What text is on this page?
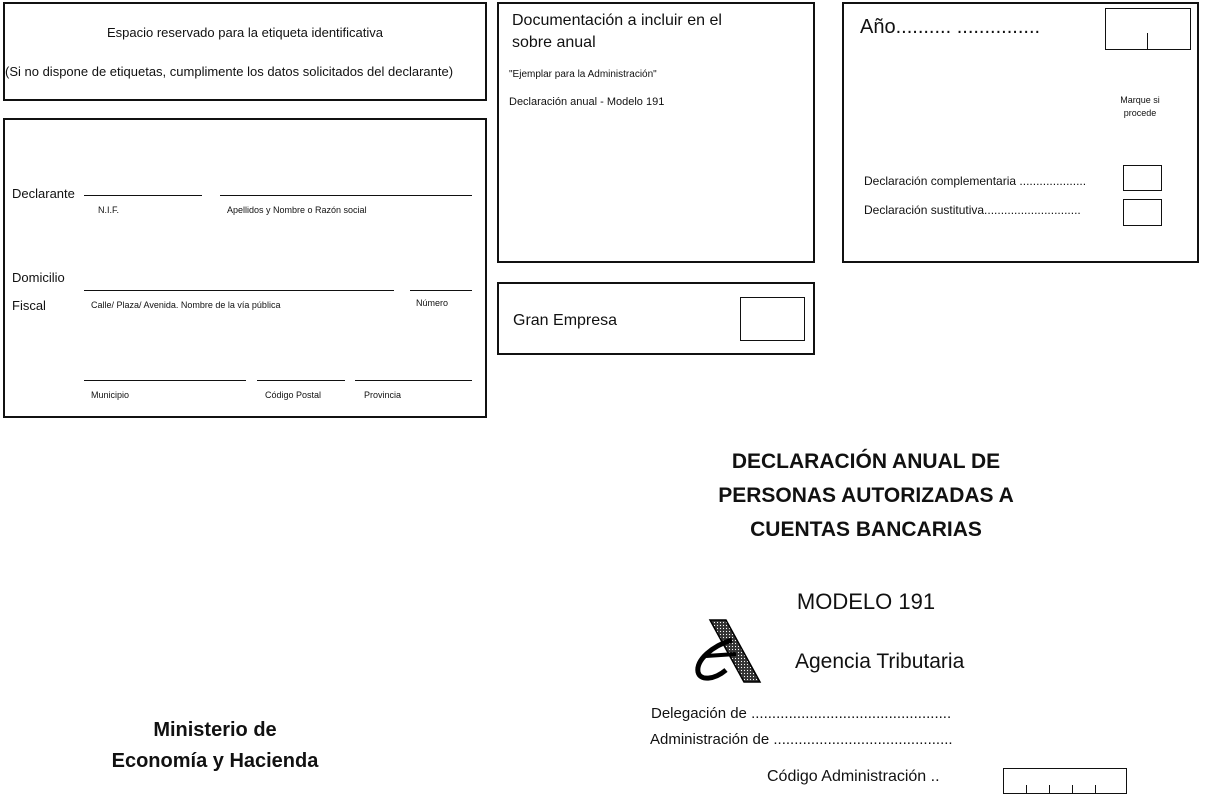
Espacio reservado para la etiqueta identificativa
(Si no dispone de etiquetas, cumplimente los datos solicitados del declarante)
Declarante
N.I.F.	Apellidos y Nombre o Razón social
Domicilio
Fiscal	Calle/ Plaza/ Avenida. Nombre de la vía pública	Número
Municipio	Código Postal	Provincia
Documentación a incluir en el
sobre anual
"Ejemplar para la Administración"
Declaración anual - Modelo 191
Gran Empresa
Año.......... ...............
Marque si
procede
Declaración complementaria ....................
Declaración sustitutiva.............................
DECLARACIÓN ANUAL DE
PERSONAS AUTORIZADAS A
CUENTAS BANCARIAS
MODELO 191
Agencia Tributaria
Ministerio de
Economía y Hacienda
Delegación de ................................................
Administración de ...........................................
Código Administración ..
